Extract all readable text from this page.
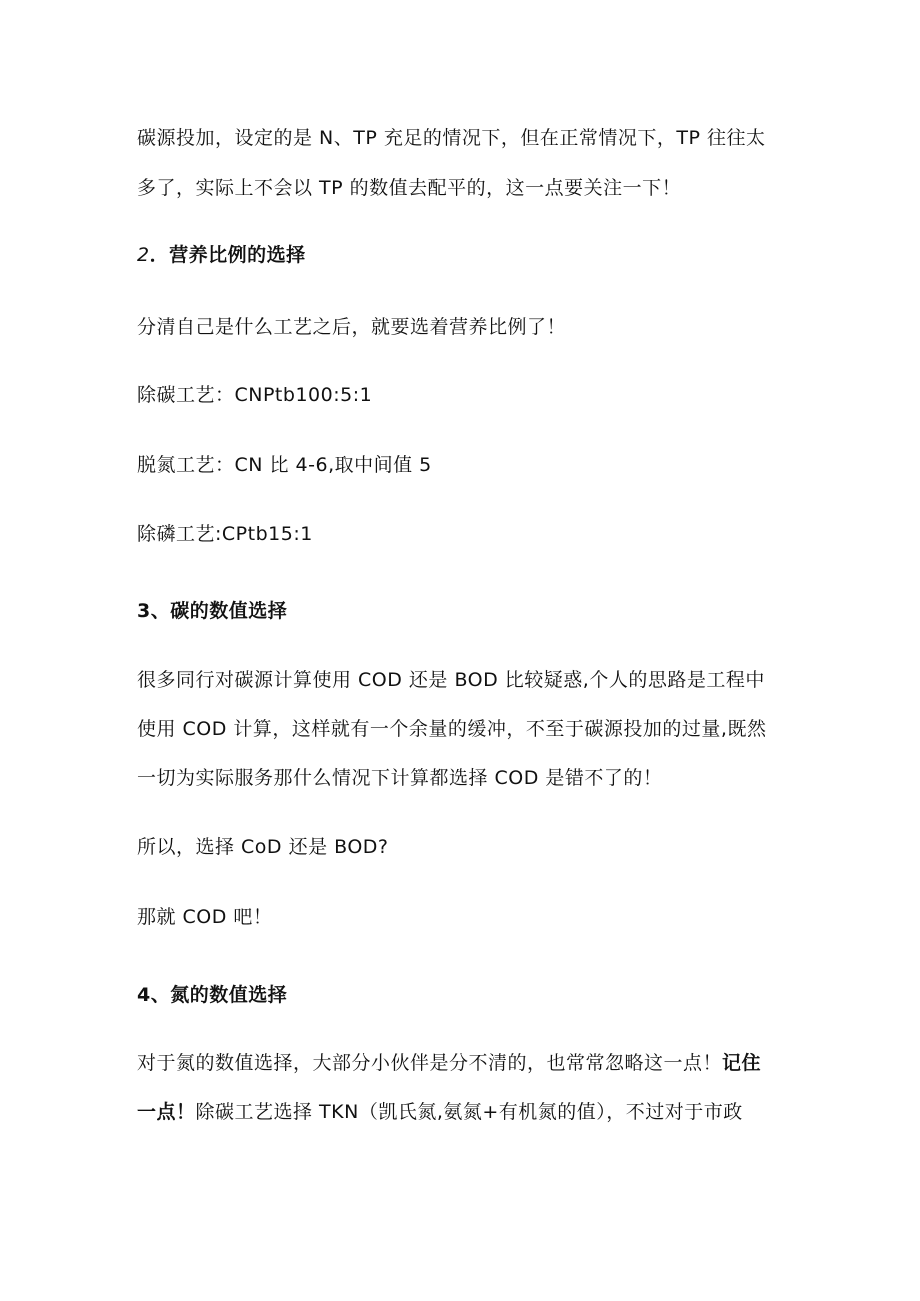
碳源投加，设定的是 N、TP 充足的情况下，但在正常情况下，TP 往往太
多了，实际上不会以 TP 的数值去配平的，这一点要关注一下！
2．营养比例的选择
分清自己是什么工艺之后，就要选着营养比例了！
除碳工艺：CNPtb100:5:1
脱氮工艺：CN 比 4-6,取中间值 5
除磷工艺:CPtb15:1
3、碳的数值选择
很多同行对碳源计算使用 COD 还是 BOD 比较疑惑,个人的思路是工程中
使用 COD 计算，这样就有一个余量的缓冲，不至于碳源投加的过量,既然
一切为实际服务那什么情况下计算都选择 COD 是错不了的！
所以，选择 CoD 还是 BOD?
那就 COD 吧！
4、氮的数值选择
对于氮的数值选择，大部分小伙伴是分不清的，也常常忽略这一点！记住
一点！除碳工艺选择 TKN（凯氏氮,氨氮+有机氮的值），不过对于市政
